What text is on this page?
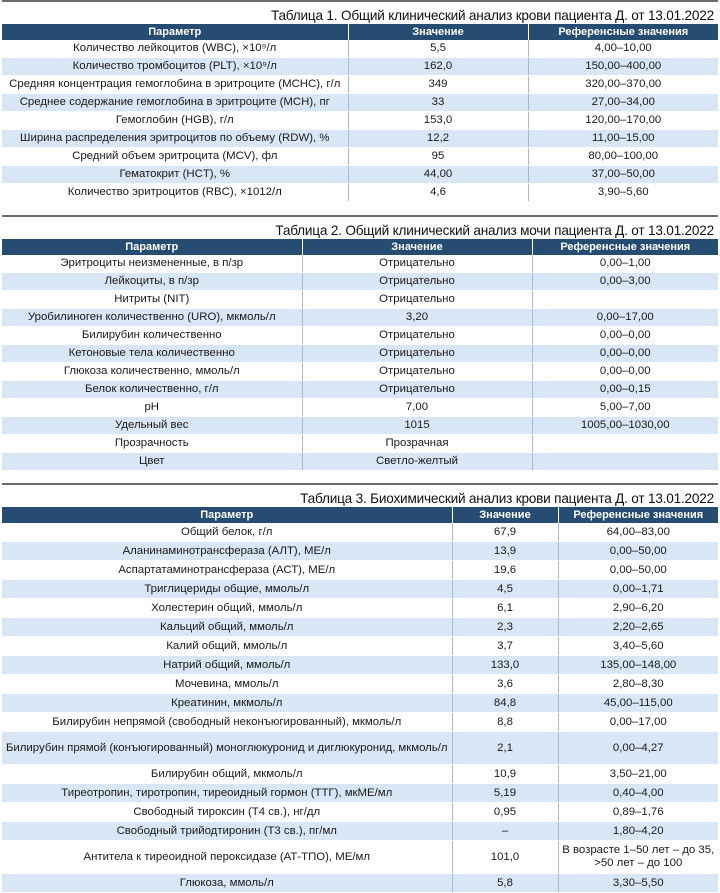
Таблица 1. Общий клинический анализ крови пациента Д. от 13.01.2022
Параметр	Значение	Референсные значения
Количество лейкоцитов (WBC), ×10⁹/л	5,5	4,00–10,00
Количество тромбоцитов (PLT), ×10⁹/л	162,0	150,00–400,00
Средняя концентрация гемоглобина в эритроците (MCHC), г/л	349	320,00–370,00
Среднее содержание гемоглобина в эритроците (MCH), пг	33	27,00–34,00
Гемоглобин (HGB), г/л	153,0	120,00–170,00
Ширина распределения эритроцитов по объему (RDW), %	12,2	11,00–15,00
Средний объем эритроцита (MCV), фл	95	80,00–100,00
Гематокрит (HCT), %	44,00	37,00–50,00
Количество эритроцитов (RBC), ×1012/л	4,6	3,90–5,60
Таблица 2. Общий клинический анализ мочи пациента Д. от 13.01.2022
Параметр	Значение	Референсные значения
Эритроциты неизмененные, в п/зр	Отрицательно	0,00–1,00
Лейкоциты, в п/зр	Отрицательно	0,00–3,00
Нитриты (NIT)	Отрицательно	
Уробилиноген количественно (URO), мкмоль/л	3,20	0,00–17,00
Билирубин количественно	Отрицательно	0,00–0,00
Кетоновые тела количественно	Отрицательно	0,00–0,00
Глюкоза количественно, ммоль/л	Отрицательно	0,00–0,00
Белок количественно, г/л	Отрицательно	0,00–0,15
pH	7,00	5,00–7,00
Удельный вес	1015	1005,00–1030,00
Прозрачность	Прозрачная	
Цвет	Светло-желтый	
Таблица 3. Биохимический анализ крови пациента Д. от 13.01.2022
Параметр	Значение	Референсные значения
Общий белок, г/л	67,9	64,00–83,00
Аланинаминотрансфераза (АЛТ), МЕ/л	13,9	0,00–50,00
Аспартатаминотрансфераза (АСТ), МЕ/л	19,6	0,00–50,00
Триглицериды общие, ммоль/л	4,5	0,00–1,71
Холестерин общий, ммоль/л	6,1	2,90–6,20
Кальций общий, ммоль/л	2,3	2,20–2,65
Калий общий, ммоль/л	3,7	3,40–5,60
Натрий общий, ммоль/л	133,0	135,00–148,00
Мочевина, ммоль/л	3,6	2,80–8,30
Креатинин, мкмоль/л	84,8	45,00–115,00
Билирубин непрямой (свободный неконъюгированный), мкмоль/л	8,8	0,00–17,00
Билирубин прямой (конъюгированный) моноглюкуронид и диглюкуронид, мкмоль/л	2,1	0,00–4,27
Билирубин общий, мкмоль/л	10,9	3,50–21,00
Тиреотропин, тиротропин, тиреоидный гормон (ТТГ), мкМЕ/мл	5,19	0,40–4,00
Свободный тироксин (Т4 св.), нг/дл	0,95	0,89–1,76
Свободный трийодтиронин (Т3 св.), пг/мл	–	1,80–4,20
Антитела к тиреоидной пероксидазе (АТ-ТПО), МЕ/мл	101,0	В возрасте 1–50 лет – до 35, >50 лет – до 100
Глюкоза, ммоль/л	5,8	3,30–5,50
